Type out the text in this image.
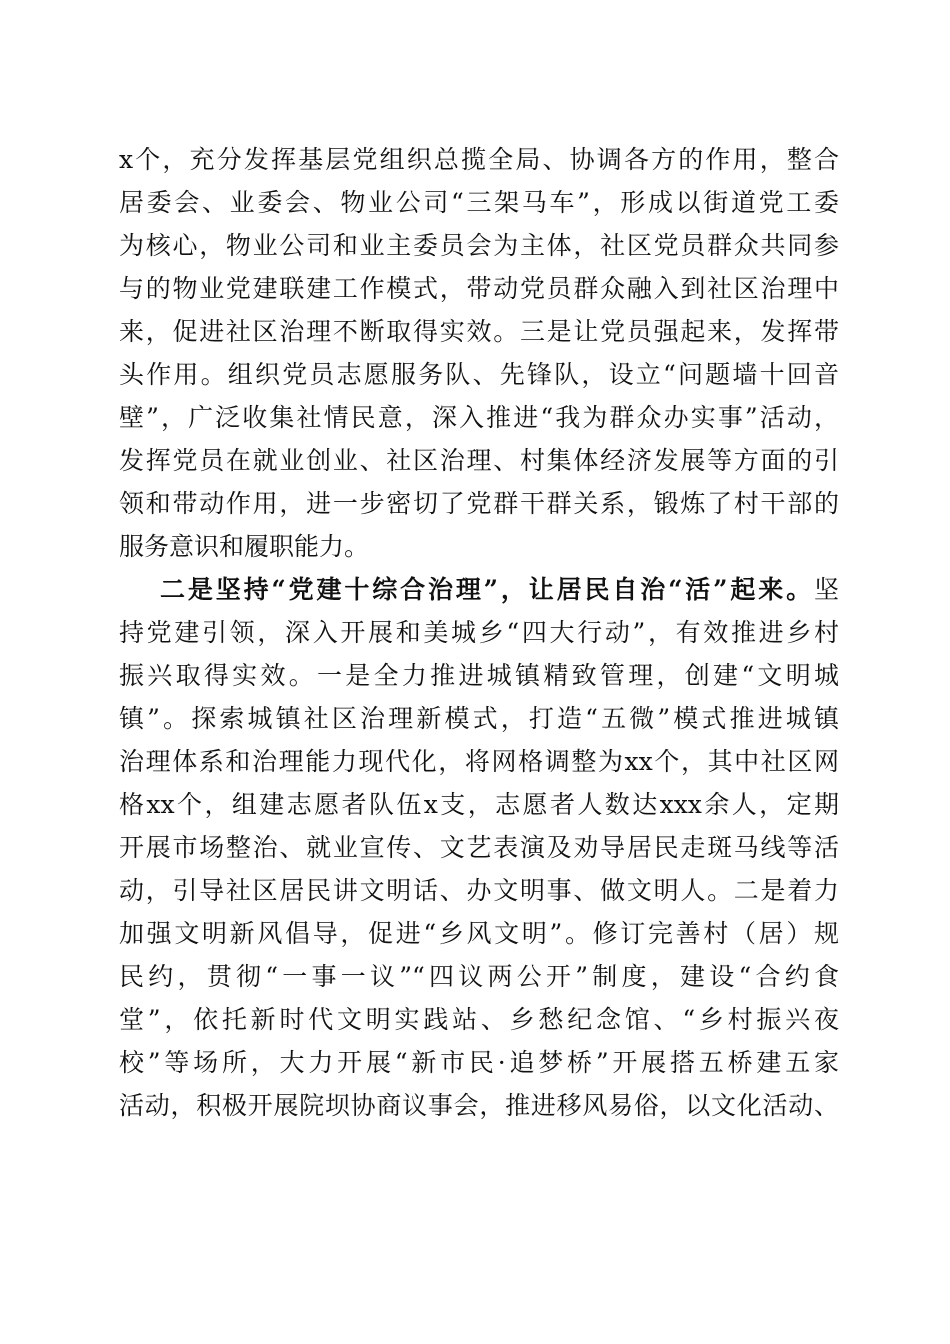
x个，充分发挥基层党组织总揽全局、协调各方的作用，整合
居委会、业委会、物业公司“三架马车”，形成以街道党工委
为核心，物业公司和业主委员会为主体，社区党员群众共同参
与的物业党建联建工作模式，带动党员群众融入到社区治理中
来，促进社区治理不断取得实效。三是让党员强起来，发挥带
头作用。组织党员志愿服务队、先锋队，设立“问题墙十回音
壁”，广泛收集社情民意，深入推进“我为群众办实事”活动，
发挥党员在就业创业、社区治理、村集体经济发展等方面的引
领和带动作用，进一步密切了党群干群关系，锻炼了村干部的
服务意识和履职能力。
二是坚持“党建十综合治理”，让居民自治“活”起来。坚
持党建引领，深入开展和美城乡“四大行动”，有效推进乡村
振兴取得实效。一是全力推进城镇精致管理，创建“文明城
镇”。探索城镇社区治理新模式，打造“五微”模式推进城镇
治理体系和治理能力现代化，将网格调整为xx个，其中社区网
格xx个，组建志愿者队伍x支，志愿者人数达xxx余人，定期
开展市场整治、就业宣传、文艺表演及劝导居民走斑马线等活
动，引导社区居民讲文明话、办文明事、做文明人。二是着力
加强文明新风倡导，促进“乡风文明”。修订完善村（居）规
民约，贯彻“一事一议”“四议两公开”制度，建设“合约食
堂”，依托新时代文明实践站、乡愁纪念馆、“乡村振兴夜
校”等场所，大力开展“新市民·追梦桥”开展搭五桥建五家
活动，积极开展院坝协商议事会，推进移风易俗，以文化活动、
